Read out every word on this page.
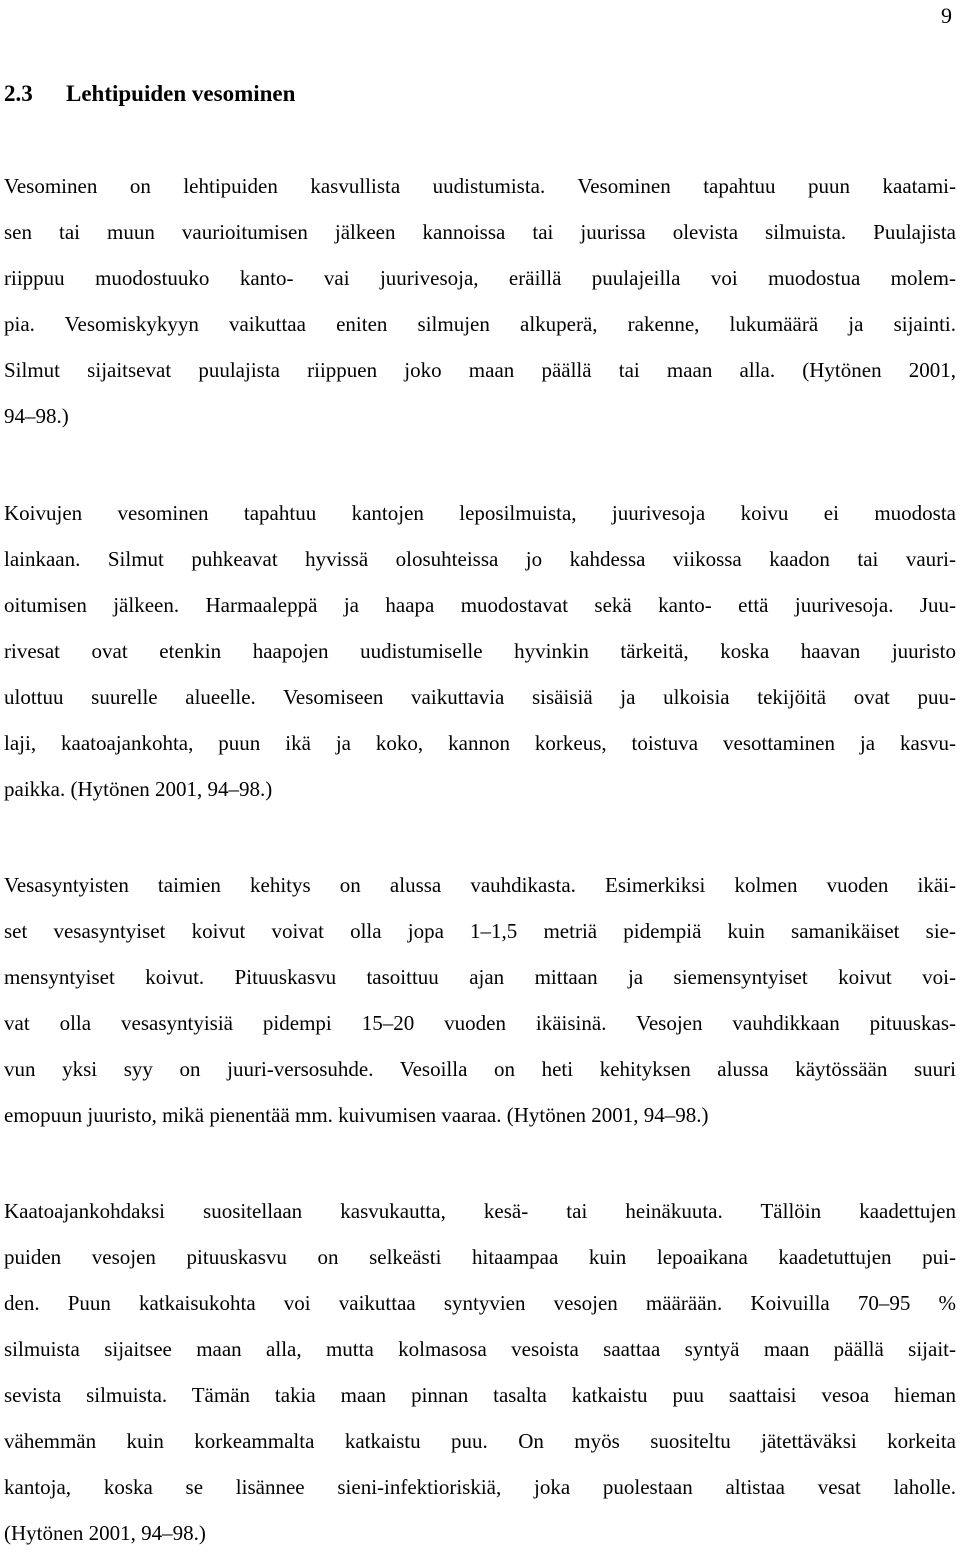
9
2.3 Lehtipuiden vesominen
Vesominen on lehtipuiden kasvullista uudistumista. Vesominen tapahtuu puun kaatami-
sen tai muun vaurioitumisen jälkeen kannoissa tai juurissa olevista silmuista. Puulajista
riippuu muodostuuko kanto- vai juurivesoja, eräillä puulajeilla voi muodostua molem-
pia. Vesomiskykyyn vaikuttaa eniten silmujen alkuperä, rakenne, lukumäärä ja sijainti.
Silmut sijaitsevat puulajista riippuen joko maan päällä tai maan alla. (Hytönen 2001,
94–98.)
Koivujen vesominen tapahtuu kantojen leposilmuista, juurivesoja koivu ei muodosta
lainkaan. Silmut puhkeavat hyvissä olosuhteissa jo kahdessa viikossa kaadon tai vauri-
oitumisen jälkeen. Harmaaleppä ja haapa muodostavat sekä kanto- että juurivesoja. Juu-
rivesat ovat etenkin haapojen uudistumiselle hyvinkin tärkeitä, koska haavan juuristo
ulottuu suurelle alueelle. Vesomiseen vaikuttavia sisäisiä ja ulkoisia tekijöitä ovat puu-
laji, kaatoajankohta, puun ikä ja koko, kannon korkeus, toistuva vesottaminen ja kasvu-
paikka. (Hytönen 2001, 94–98.)
Vesasyntyisten taimien kehitys on alussa vauhdikasta. Esimerkiksi kolmen vuoden ikäi-
set vesasyntyiset koivut voivat olla jopa 1–1,5 metriä pidempiä kuin samanikäiset sie-
mensyntyiset koivut. Pituuskasvu tasoittuu ajan mittaan ja siemensyntyiset koivut voi-
vat olla vesasyntyisiä pidempi 15–20 vuoden ikäisinä. Vesojen vauhdikkaan pituuskas-
vun yksi syy on juuri-versosuhde. Vesoilla on heti kehityksen alussa käytössään suuri
emopuun juuristo, mikä pienentää mm. kuivumisen vaaraa. (Hytönen 2001, 94–98.)
Kaatoajankohdaksi suositellaan kasvukautta, kesä- tai heinäkuuta. Tällöin kaadettujen
puiden vesojen pituuskasvu on selkeästi hitaampaa kuin lepoaikana kaadetuttujen pui-
den. Puun katkaisukohta voi vaikuttaa syntyvien vesojen määrään. Koivuilla 70–95 %
silmuista sijaitsee maan alla, mutta kolmasosa vesoista saattaa syntyä maan päällä sijait-
sevista silmuista. Tämän takia maan pinnan tasalta katkaistu puu saattaisi vesoa hieman
vähemmän kuin korkeammalta katkaistu puu. On myös suositeltu jätettäväksi korkeita
kantoja, koska se lisännee sieni-infektioriskiä, joka puolestaan altistaa vesat laholle.
(Hytönen 2001, 94–98.)
